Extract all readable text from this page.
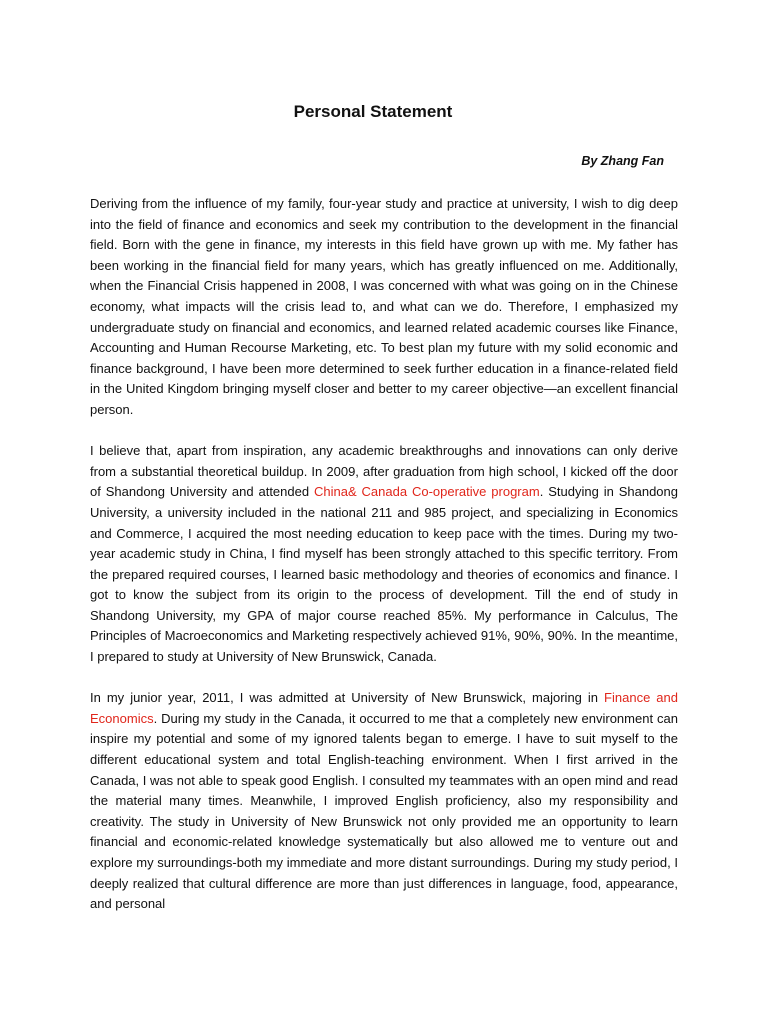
Personal Statement

By Zhang Fan

Deriving from the influence of my family, four-year study and practice at university, I wish to dig deep into the field of finance and economics and seek my contribution to the development in the financial field. Born with the gene in finance, my interests in this field have grown up with me. My father has been working in the financial field for many years, which has greatly influenced on me. Additionally, when the Financial Crisis happened in 2008, I was concerned with what was going on in the Chinese economy, what impacts will the crisis lead to, and what can we do. Therefore, I emphasized my undergraduate study on financial and economics, and learned related academic courses like Finance, Accounting and Human Recourse Marketing, etc. To best plan my future with my solid economic and finance background, I have been more determined to seek further education in a finance-related field in the United Kingdom bringing myself closer and better to my career objective—an excellent financial person.

I believe that, apart from inspiration, any academic breakthroughs and innovations can only derive from a substantial theoretical buildup. In 2009, after graduation from high school, I kicked off the door of Shandong University and attended China& Canada Co-operative program. Studying in Shandong University, a university included in the national 211 and 985 project, and specializing in Economics and Commerce, I acquired the most needing education to keep pace with the times. During my two-year academic study in China, I find myself has been strongly attached to this specific territory. From the prepared required courses, I learned basic methodology and theories of economics and finance. I got to know the subject from its origin to the process of development. Till the end of study in Shandong University, my GPA of major course reached 85%. My performance in Calculus, The Principles of Macroeconomics and Marketing respectively achieved 91%, 90%, 90%. In the meantime, I prepared to study at University of New Brunswick, Canada.

In my junior year, 2011, I was admitted at University of New Brunswick, majoring in Finance and Economics. During my study in the Canada, it occurred to me that a completely new environment can inspire my potential and some of my ignored talents began to emerge. I have to suit myself to the different educational system and total English-teaching environment. When I first arrived in the Canada, I was not able to speak good English. I consulted my teammates with an open mind and read the material many times. Meanwhile, I improved English proficiency, also my responsibility and creativity. The study in University of New Brunswick not only provided me an opportunity to learn financial and economic-related knowledge systematically but also allowed me to venture out and explore my surroundings-both my immediate and more distant surroundings. During my study period, I deeply realized that cultural difference are more than just differences in language, food, appearance, and personal
